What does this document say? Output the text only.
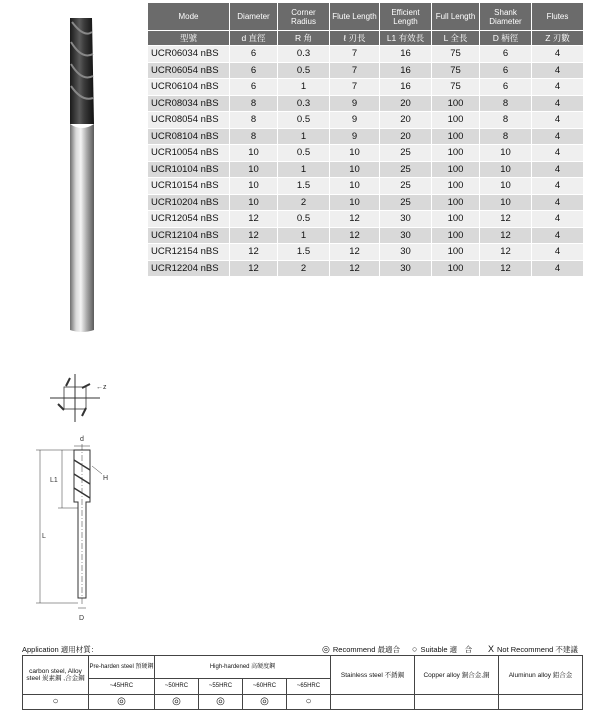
Mode	Diameter	Corner Radius	Flute Length	Efficient Length	Full Length	Shank Diameter	Flutes
型號	d 直徑	R 角	ℓ 刃長	L1 有效長	L 全長	D 柄徑	Z 刃數
UCR06034 nBS	6	0.3	7	16	75	6	4
UCR06054 nBS	6	0.5	7	16	75	6	4
UCR06104 nBS	6	1	7	16	75	6	4
UCR08034 nBS	8	0.3	9	20	100	8	4
UCR08054 nBS	8	0.5	9	20	100	8	4
UCR08104 nBS	8	1	9	20	100	8	4
UCR10054 nBS	10	0.5	10	25	100	10	4
UCR10104 nBS	10	1	10	25	100	10	4
UCR10154 nBS	10	1.5	10	25	100	10	4
UCR10204 nBS	10	2	10	25	100	10	4
UCR12054 nBS	12	0.5	12	30	100	12	4
UCR12104 nBS	12	1	12	30	100	12	4
UCR12154 nBS	12	1.5	12	30	100	12	4
UCR12204 nBS	12	2	12	30	100	12	4
←z
d
H
L1
L
D
Application 適用材質：	◎ Recommend 最適合 ○ Suitable 適　合 X Not Recommend 不建議
carbon steel, Alloy steel 炭素鋼 ,合金鋼	Pre-harden steel 預硬鋼	High-hardened 高硬度鋼				Stainless steel 不銹鋼	Copper alloy 銅合金,銅	Aluminun alloy 鋁合金
	~45HRC	~50HRC	~55HRC	~60HRC	~65HRC			
○	◎	◎	◎	◎	○			
